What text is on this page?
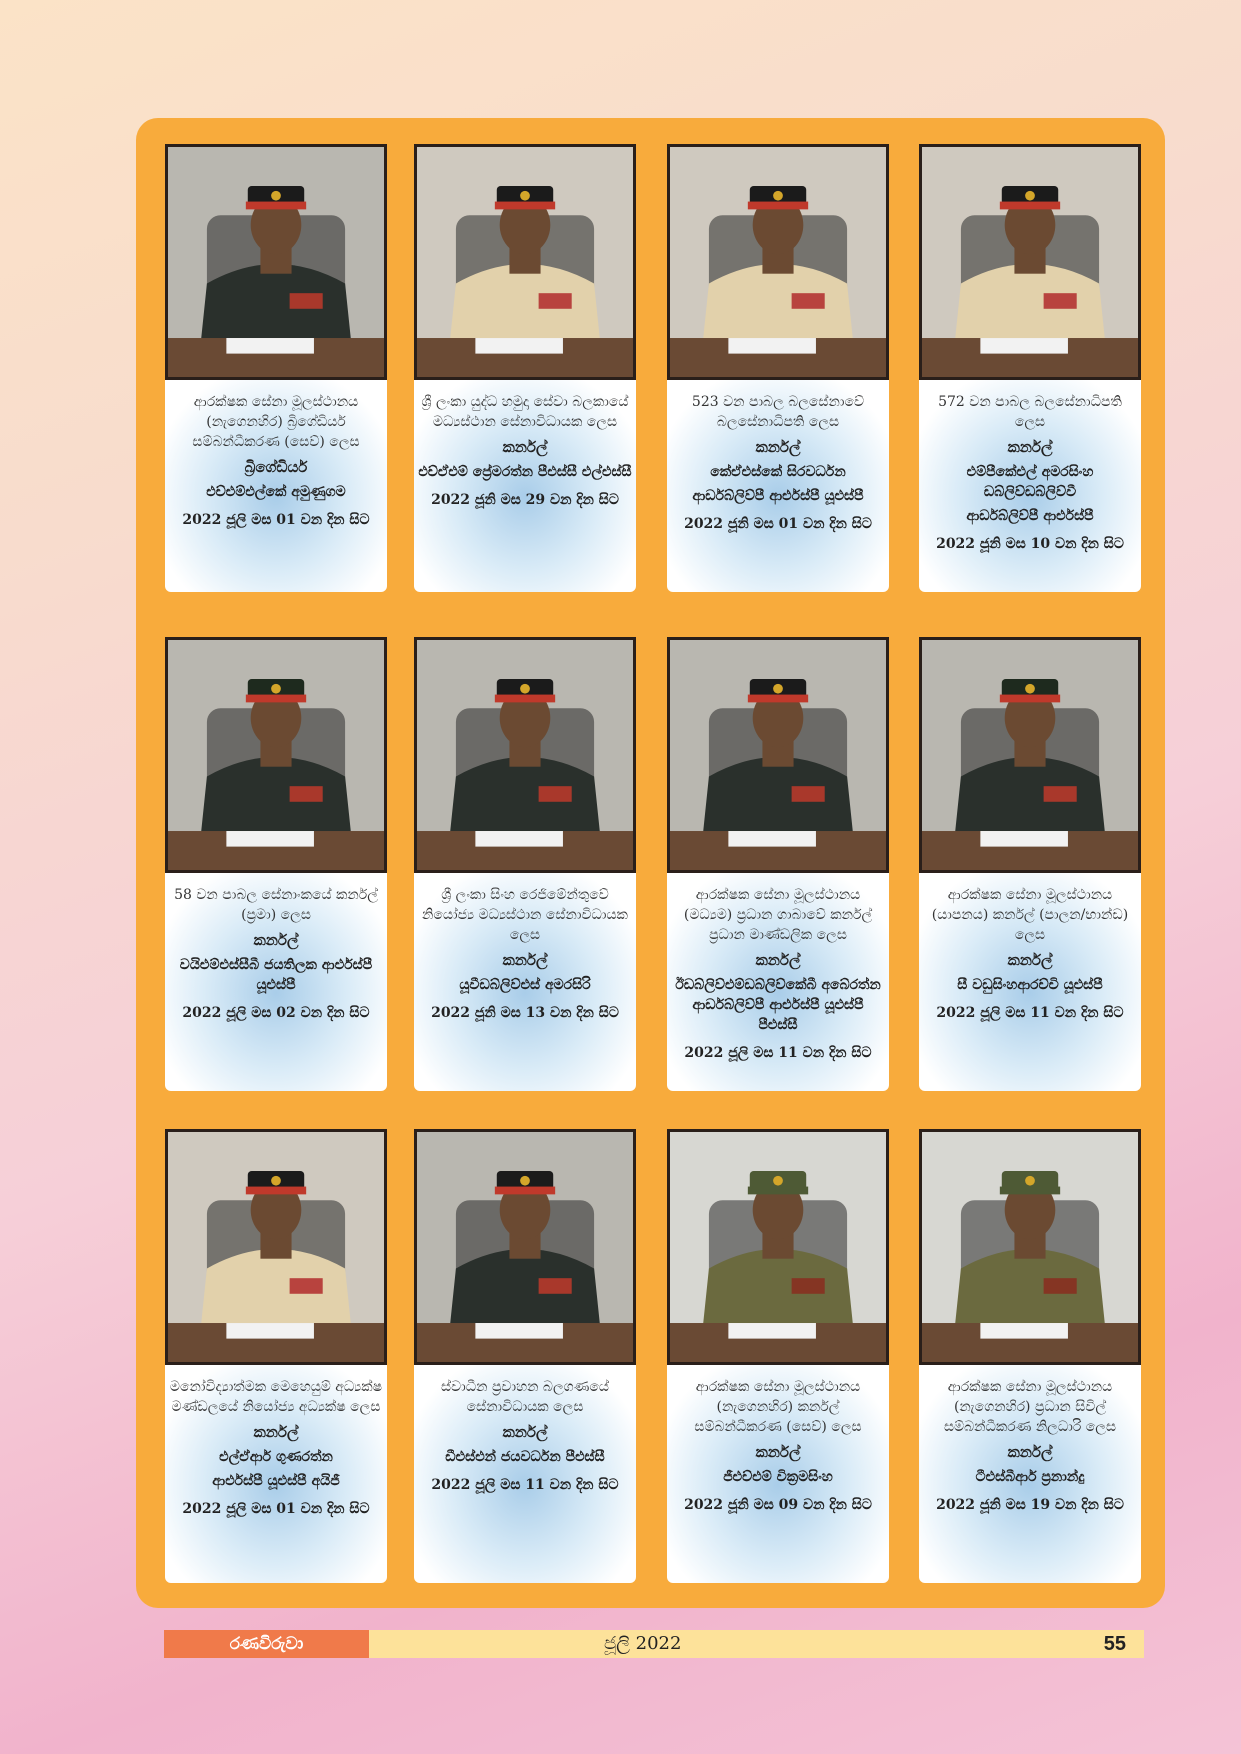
ආරක්ෂක සේනා මූලස්ථානය (නැගෙනහිර) බ්‍රිගේඩියර් සම්බන්ධීකරණ (සෙව්) ලෙස
බ්‍රිගේඩියර්
එච්එම්එල්කේ අමුණුගම
2022 ජූලි මස 01 වන දින සිට
ශ්‍රී ලංකා යුද්ධ හමුදා සේවා බලකායේ මධ්‍යස්ථාන සේනාවිධායක ලෙස
කර්නල්
එච්ඒඑම් ප්‍රේමරත්න පීඑස්සී එල්එස්සී
2022 ජූනි මස 29 වන දින සිට
523 වන පාබල බලසේනාවේ බලසේනාධිපති ලෙස
කර්නල්
කේඒඑස්කේ සිරවර්ධන
ආර්ඩබ්ලිව්පී ආර්එස්පී යූඑස්පී
2022 ජූනි මස 01 වන දින සිට
572 වන පාබල බලසේනාධිපති ලෙස
කර්නල්
එම්පීකේඑල් අමරසිංහ ඩබ්ලිව්ඩබ්ලිව්වී
ආර්ඩබ්ලිව්පී ආර්එස්පී
2022 ජූනි මස 10 වන දින සිට
58 වන පාබල සේනාංකයේ කර්නල් (ප්‍රමා) ලෙස
කර්නල්
වයිඑම්එස්සීබී ජයතිලක ආර්එස්පී යූඑස්පී
2022 ජූලි මස 02 වන දින සිට
ශ්‍රී ලංකා සිංහ රෙජිමේන්තුවේ නියෝජ්‍ය මධ්‍යස්ථාන සේනාවිධායක ලෙස
කර්නල්
යූවීඩබ්ලිව්එස් අමරසිරි
2022 ජූනි මස 13 වන දින සිට
ආරක්ෂක සේනා මූලස්ථානය (මධ්‍යම) ප්‍රධාන ගාබාවේ කර්නල් ප්‍රධාන මාණ්ඩලික ලෙස
කර්නල්
ඊඩබ්ලිව්එම්ඩබ්ලිව්කේබී අබේරත්න ආර්ඩබ්ලිව්පී ආර්එස්පී යූඑස්පී පීඑස්සී
2022 ජූලි මස 11 වන දින සිට
ආරක්ෂක සේනා මූලස්ථානය (යාපනය) කර්නල් (පාලන/භාන්ඩ) ලෙස
කර්නල්
සී වඩුසිංහආරච්චි යූඑස්පී
2022 ජූලි මස 11 වන දින සිට
මනෝවිද්‍යාත්මක මෙහෙයුම් අධ්‍යක්ෂ මණ්ඩලයේ නියෝජ්‍ය අධ්‍යක්ෂ ලෙස
කර්නල්
එල්ඒආර් ගුණරත්න
ආර්එස්පී යූඑස්පී අයිජී
2022 ජූලි මස 01 වන දින සිට
ස්වාධීන ප්‍රවාහන බලගණයේ සේනාවිධායක ලෙස
කර්නල්
ඩීඑස්එන් ජයවර්ධන පීඑස්සී
2022 ජූලි මස 11 වන දින සිට
ආරක්ෂක සේනා මූලස්ථානය (නැගෙනහිර) කර්නල් සම්බන්ධීකරණ (සෙව්) ලෙස
කර්නල්
ජීඑච්එම් වික්‍රමසිංහ
2022 ජූනි මස 09 වන දින සිට
ආරක්ෂක සේනා මූලස්ථානය (නැගෙනහිර) ප්‍රධාන සිවිල් සම්බන්ධීකරණ නිලධාරි ලෙස
කර්නල්
ටීඑස්බීආර් ප්‍රනාන්දු
2022 ජූනි මස 19 වන දින සිට
රණවිරුවා	ජූලි 2022	55
